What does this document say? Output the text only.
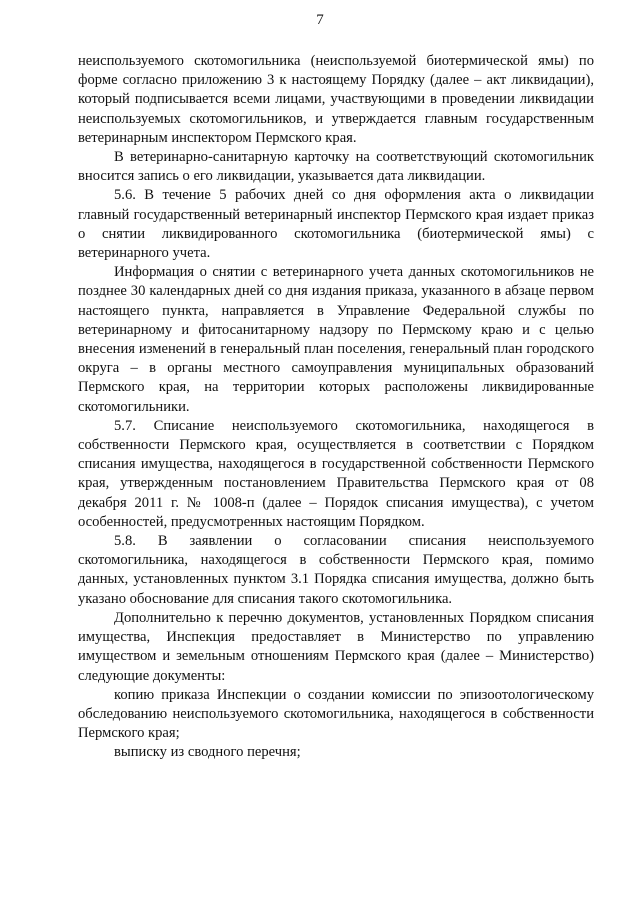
7

неиспользуемого скотомогильника (неиспользуемой биотермической ямы) по форме согласно приложению 3 к настоящему Порядку (далее – акт ликвидации), который подписывается всеми лицами, участвующими в проведении ликвидации неиспользуемых скотомогильников, и утверждается главным государственным ветеринарным инспектором Пермского края.

В ветеринарно-санитарную карточку на соответствующий скотомогильник вносится запись о его ликвидации, указывается дата ликвидации.

5.6. В течение 5 рабочих дней со дня оформления акта о ликвидации главный государственный ветеринарный инспектор Пермского края издает приказ о снятии ликвидированного скотомогильника (биотермической ямы) с ветеринарного учета.

Информация о снятии с ветеринарного учета данных скотомогильников не позднее 30 календарных дней со дня издания приказа, указанного в абзаце первом настоящего пункта, направляется в Управление Федеральной службы по ветеринарному и фитосанитарному надзору по Пермскому краю и с целью внесения изменений в генеральный план поселения, генеральный план городского округа – в органы местного самоуправления муниципальных образований Пермского края, на территории которых расположены ликвидированные скотомогильники.

5.7. Списание неиспользуемого скотомогильника, находящегося в собственности Пермского края, осуществляется в соответствии с Порядком списания имущества, находящегося в государственной собственности Пермского края, утвержденным постановлением Правительства Пермского края от 08 декабря 2011 г. № 1008-п (далее – Порядок списания имущества), с учетом особенностей, предусмотренных настоящим Порядком.

5.8. В заявлении о согласовании списания неиспользуемого скотомогильника, находящегося в собственности Пермского края, помимо данных, установленных пунктом 3.1 Порядка списания имущества, должно быть указано обоснование для списания такого скотомогильника.

Дополнительно к перечню документов, установленных Порядком списания имущества, Инспекция предоставляет в Министерство по управлению имуществом и земельным отношениям Пермского края (далее – Министерство) следующие документы:

копию приказа Инспекции о создании комиссии по эпизоотологическому обследованию неиспользуемого скотомогильника, находящегося в собственности Пермского края;

выписку из сводного перечня;
